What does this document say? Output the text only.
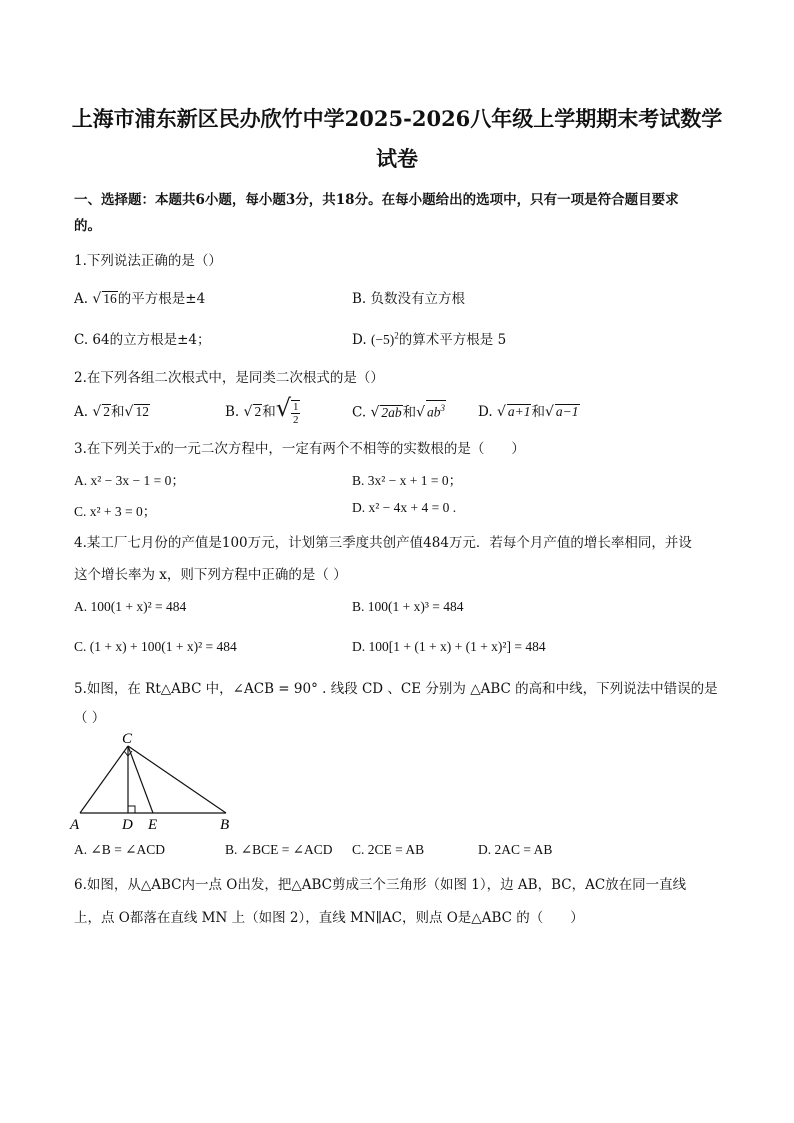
上海市浦东新区民办欣竹中学2025-2026八年级上学期期末考试数学
试卷
一、选择题：本题共6小题，每小题3分，共18分。在每小题给出的选项中，只有一项是符合题目要求
的。
1.下列说法正确的是（）
A. √ 16的平方根是±4	B. 负数没有立方根
C. 64的立方根是±4；	D. $(-5)^2$的算术平方根是 5
2.在下列各组二次根式中，是同类二次根式的是（）
A. √ 2和√ 12	B. √ 2和√ $\frac{1}{2}$	C. √ 2ab和√ $ab^3$ D. √ a+1和√ a−1
3.在下列关于x的一元二次方程中，一定有两个不相等的实数根的是（　　）
A. x² − 3x − 1 = 0；	B. 3x² − x + 1 = 0；
C. x² + 3 = 0；	D. x² − 4x + 4 = 0 .
4.某工厂七月份的产值是100万元，计划第三季度共创产值484万元．若每个月产值的增长率相同，并设
这个增长率为 x，则下列方程中正确的是（ ）
A. 100(1 + x)² = 484	B. 100(1 + x)³ = 484
C. (1 + x) + 100(1 + x)² = 484	D. 100[1 + (1 + x) + (1 + x)²] = 484
5.如图，在 Rt△ABC 中，∠ACB = 90° . 线段 CD 、CE 分别为 △ABC 的高和中线，下列说法中错误的是
（ ）
C
A	D E	B
A. ∠B = ∠ACD	B. ∠BCE = ∠ACD C. 2CE = AB	D. 2AC = AB
6.如图，从△ABC内一点 O出发，把△ABC剪成三个三角形（如图 1），边 AB，BC，AC放在同一直线
上，点 O都落在直线 MN 上（如图 2），直线 MN∥AC，则点 O是△ABC 的（　　）
